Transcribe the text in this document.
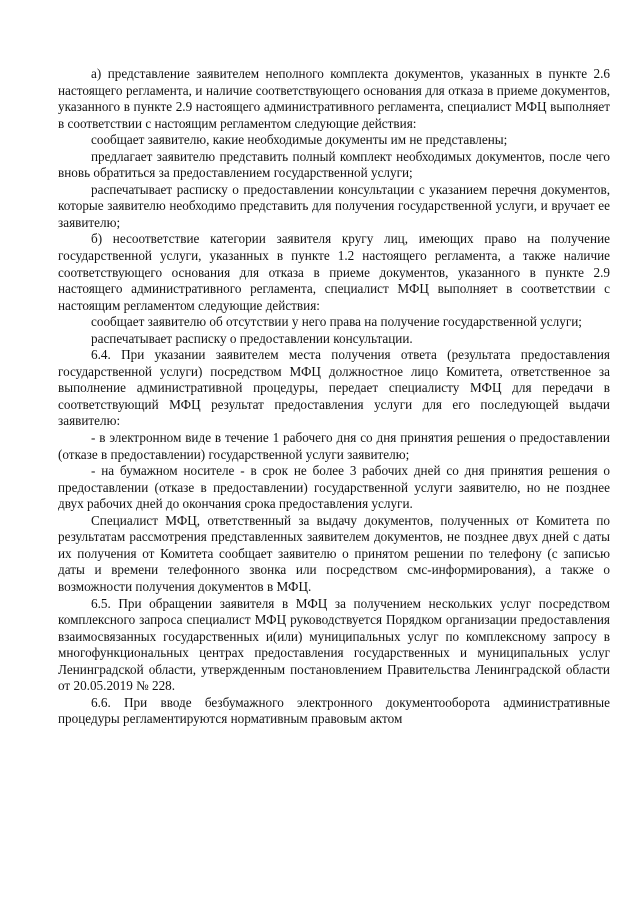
а) представление заявителем неполного комплекта документов, указанных в пункте 2.6 настоящего регламента, и наличие соответствующего основания для отказа в приеме документов, указанного в пункте 2.9 настоящего административного регламента, специалист МФЦ выполняет в соответствии с настоящим регламентом следующие действия:

сообщает заявителю, какие необходимые документы им не представлены;

предлагает заявителю представить полный комплект необходимых документов, после чего вновь обратиться за предоставлением государственной услуги;

распечатывает расписку о предоставлении консультации с указанием перечня документов, которые заявителю необходимо представить для получения государственной услуги, и вручает ее заявителю;

б) несоответствие категории заявителя кругу лиц, имеющих право на получение государственной услуги, указанных в пункте 1.2 настоящего регламента, а также наличие соответствующего основания для отказа в приеме документов, указанного в пункте 2.9 настоящего административного регламента, специалист МФЦ выполняет в соответствии с настоящим регламентом следующие действия:

сообщает заявителю об отсутствии у него права на получение государственной услуги;

распечатывает расписку о предоставлении консультации.

6.4. При указании заявителем места получения ответа (результата предоставления государственной услуги) посредством МФЦ должностное лицо Комитета, ответственное за выполнение административной процедуры, передает специалисту МФЦ для передачи в соответствующий МФЦ результат предоставления услуги для его последующей выдачи заявителю:

- в электронном виде в течение 1 рабочего дня со дня принятия решения о предоставлении (отказе в предоставлении) государственной услуги заявителю;

- на бумажном носителе - в срок не более 3 рабочих дней со дня принятия решения о предоставлении (отказе в предоставлении) государственной услуги заявителю, но не позднее двух рабочих дней до окончания срока предоставления услуги.

Специалист МФЦ, ответственный за выдачу документов, полученных от Комитета по результатам рассмотрения представленных заявителем документов, не позднее двух дней с даты их получения от Комитета сообщает заявителю о принятом решении по телефону (с записью даты и времени телефонного звонка или посредством смс-информирования), а также о возможности получения документов в МФЦ.

6.5. При обращении заявителя в МФЦ за получением нескольких услуг посредством комплексного запроса специалист МФЦ руководствуется Порядком организации предоставления взаимосвязанных государственных и(или) муниципальных услуг по комплексному запросу в многофункциональных центрах предоставления государственных и муниципальных услуг Ленинградской области, утвержденным постановлением Правительства Ленинградской области от 20.05.2019 № 228.

6.6. При вводе безбумажного электронного документооборота административные процедуры регламентируются нормативным правовым актом
